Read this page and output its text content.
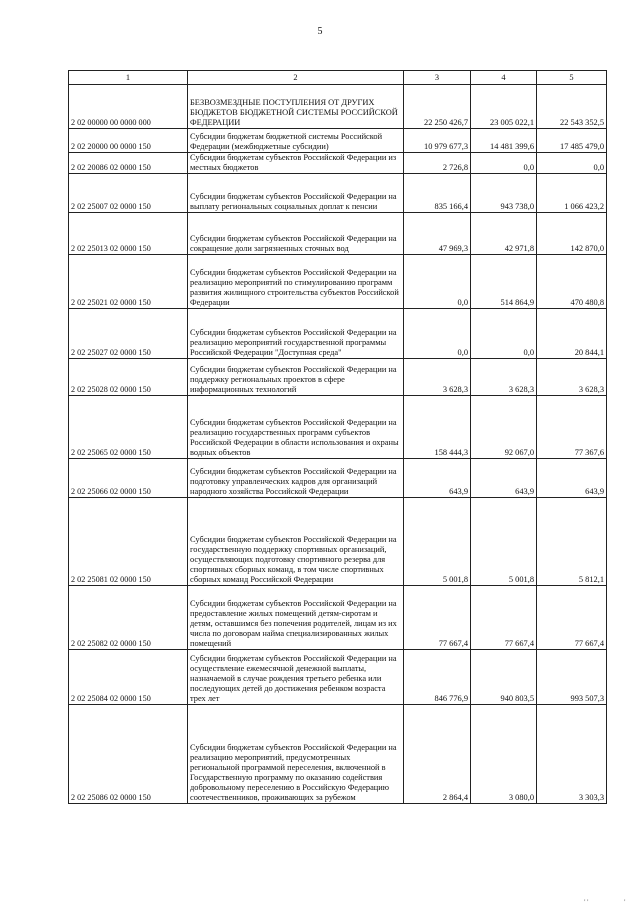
5
1	2	3	4	5
2 02 00000 00 0000 000	БЕЗВОЗМЕЗДНЫЕ ПОСТУПЛЕНИЯ ОТ ДРУГИХ БЮДЖЕТОВ БЮДЖЕТНОЙ СИСТЕМЫ РОССИЙСКОЙ ФЕДЕРАЦИИ	22 250 426,7	23 005 022,1	22 543 352,5
2 02 20000 00 0000 150	Субсидии бюджетам бюджетной системы Российской Федерации (межбюджетные субсидии)	10 979 677,3	14 481 399,6	17 485 479,0
2 02 20086 02 0000 150	Субсидии бюджетам субъектов Российской Федерации из местных бюджетов	2 726,8	0,0	0,0
2 02 25007 02 0000 150	Субсидии бюджетам субъектов Российской Федерации на выплату региональных социальных доплат к пенсии	835 166,4	943 738,0	1 066 423,2
2 02 25013 02 0000 150	Субсидии бюджетам субъектов Российской Федерации на сокращение доли загрязненных сточных вод	47 969,3	42 971,8	142 870,0
2 02 25021 02 0000 150	Субсидии бюджетам субъектов Российской Федерации на реализацию мероприятий по стимулированию программ развития жилищного строительства субъектов Российской Федерации	0,0	514 864,9	470 480,8
2 02 25027 02 0000 150	Субсидии бюджетам субъектов Российской Федерации на реализацию мероприятий государственной программы Российской Федерации "Доступная среда"	0,0	0,0	20 844,1
2 02 25028 02 0000 150	Субсидии бюджетам субъектов Российской Федерации на поддержку региональных проектов в сфере информационных технологий	3 628,3	3 628,3	3 628,3
2 02 25065 02 0000 150	Субсидии бюджетам субъектов Российской Федерации на реализацию государственных программ субъектов Российской Федерации в области использования и охраны водных объектов	158 444,3	92 067,0	77 367,6
2 02 25066 02 0000 150	Субсидии бюджетам субъектов Российской Федерации на подготовку управленческих кадров для организаций народного хозяйства Российской Федерации	643,9	643,9	643,9
2 02 25081 02 0000 150	Субсидии бюджетам субъектов Российской Федерации на государственную поддержку спортивных организаций, осуществляющих подготовку спортивного резерва для спортивных сборных команд, в том числе спортивных сборных команд Российской Федерации	5 001,8	5 001,8	5 812,1
2 02 25082 02 0000 150	Субсидии бюджетам субъектов Российской Федерации на предоставление жилых помещений детям-сиротам и детям, оставшимся без попечения родителей, лицам из их числа по договорам найма специализированных жилых помещений	77 667,4	77 667,4	77 667,4
2 02 25084 02 0000 150	Субсидии бюджетам субъектов Российской Федерации на осуществление ежемесячной денежной выплаты, назначаемой в случае рождения третьего ребенка или последующих детей до достижения ребенком возраста трех лет	846 776,9	940 803,5	993 507,3
2 02 25086 02 0000 150	Субсидии бюджетам субъектов Российской Федерации на реализацию мероприятий, предусмотренных региональной программой переселения, включенной в Государственную программу по оказанию содействия добровольному переселению в Российскую Федерацию соотечественников, проживающих за рубежом	2 864,4	3 080,0	3 303,3
, ,	,
